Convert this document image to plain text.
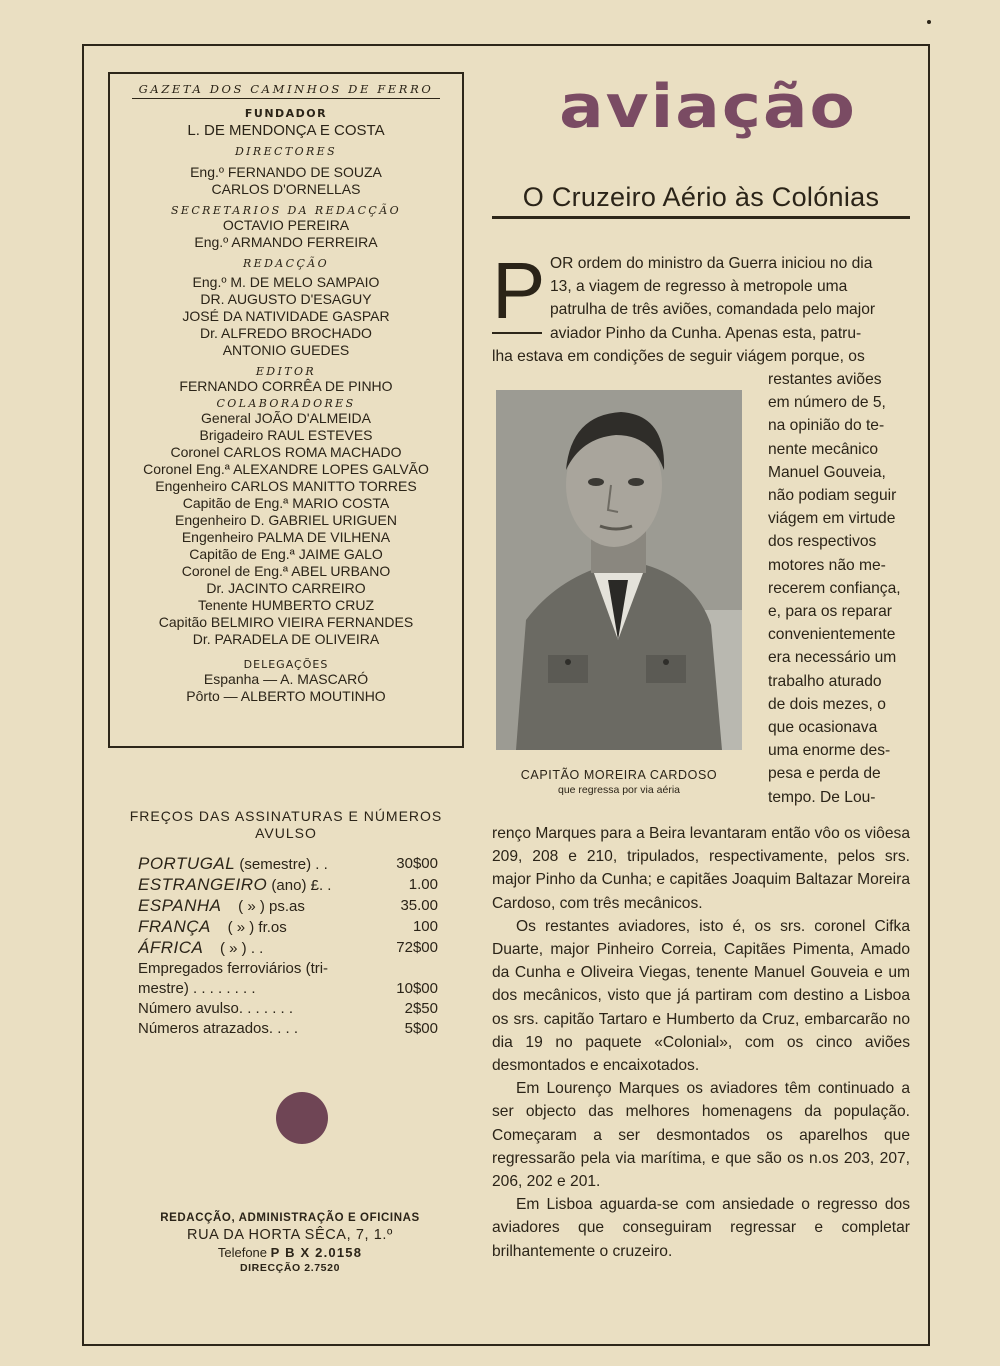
GAZETA DOS CAMINHOS DE FERRO
FUNDADOR
L. DE MENDONÇA E COSTA
DIRECTORES
Eng.º FERNANDO DE SOUZA
CARLOS D'ORNELLAS
SECRETARIOS DA REDACÇÃO
OCTAVIO PEREIRA
Eng.º ARMANDO FERREIRA
REDACÇÃO
Eng.º M. DE MELO SAMPAIO
DR. AUGUSTO D'ESAGUY
JOSÉ DA NATIVIDADE GASPAR
Dr. ALFREDO BROCHADO
ANTONIO GUEDES
EDITOR
FERNANDO CORRÊA DE PINHO
COLABORADORES
General JOÃO D'ALMEIDA
Brigadeiro RAUL ESTEVES
Coronel CARLOS ROMA MACHADO
Coronel Eng.ª ALEXANDRE LOPES GALVÃO
Engenheiro CARLOS MANITTO TORRES
Capitão de Eng.ª MARIO COSTA
Engenheiro D. GABRIEL URIGUEN
Engenheiro PALMA DE VILHENA
Capitão de Eng.ª JAIME GALO
Coronel de Eng.ª ABEL URBANO
Dr. JACINTO CARREIRO
Tenente HUMBERTO CRUZ
Capitão BELMIRO VIEIRA FERNANDES
Dr. PARADELA DE OLIVEIRA
DELEGAÇÕES
Espanha — A. MASCARÓ
Pôrto — ALBERTO MOUTINHO
FREÇOS DAS ASSINATURAS E NÚMEROS
AVULSO
PORTUGAL (semestre) . .	30$00
ESTRANGEIRO (ano) £. .	1.00
ESPANHA    ( » ) ps.as	35.00
FRANÇA    ( » ) fr.os	100
ÁFRICA    ( » ) . .	72$00
Empregados ferroviários (tri-
mestre) . . . . . . . .	10$00
Número avulso. . . . . . .	2$50
Números atrazados. . . .	5$00
REDACÇÃO, ADMINISTRAÇÃO E OFICINAS
RUA DA HORTA SÊCA, 7, 1.º
Telefone P B X 2.0158
DIRECÇÃO 2.7520
aviação
O Cruzeiro Aério às Colónias
P OR ordem do ministro da Guerra iniciou no dia
13, a viagem de regresso à metropole uma
patrulha de três aviões, comandada pelo major
aviador Pinho da Cunha. Apenas esta, patru-
lha estava em condições de seguir viágem porque, os
CAPITÃO MOREIRA CARDOSO
que regressa por via aéria
restantes aviões
em número de 5,
na opinião do te-
nente mecânico
Manuel Gouveia,
não podiam seguir
viágem em virtude
dos respectivos
motores não me-
recerem confiança,
e, para os reparar
convenientemente
era necessário um
trabalho aturado
de dois mezes, o
que ocasionava
uma enorme des-
pesa e perda de
tempo. De Lou-

renço Marques para a Beira levantaram então vôo os viôesa 209, 208 e 210, tripulados, respectivamente, pelos srs. major Pinho da Cunha; e capitães Joaquim Baltazar Moreira Cardoso, com três mecânicos.

Os restantes aviadores, isto é, os srs. coronel Cifka Duarte, major Pinheiro Correia, Capitães Pimenta, Amado da Cunha e Oliveira Viegas, tenente Manuel Gouveia e um dos mecânicos, visto que já partiram com destino a Lisboa os srs. capitão Tartaro e Humberto da Cruz, embarcarão no dia 19 no paquete «Colonial», com os cinco aviões desmontados e encaixotados.

Em Lourenço Marques os aviadores têm continuado a ser objecto das melhores homenagens da população. Começaram a ser desmontados os aparelhos que regressarão pela via marítima, e que são os n.os 203, 207, 206, 202 e 201.

Em Lisboa aguarda-se com ansiedade o regresso dos aviadores que conseguiram regressar e completar brilhantemente o cruzeiro.
